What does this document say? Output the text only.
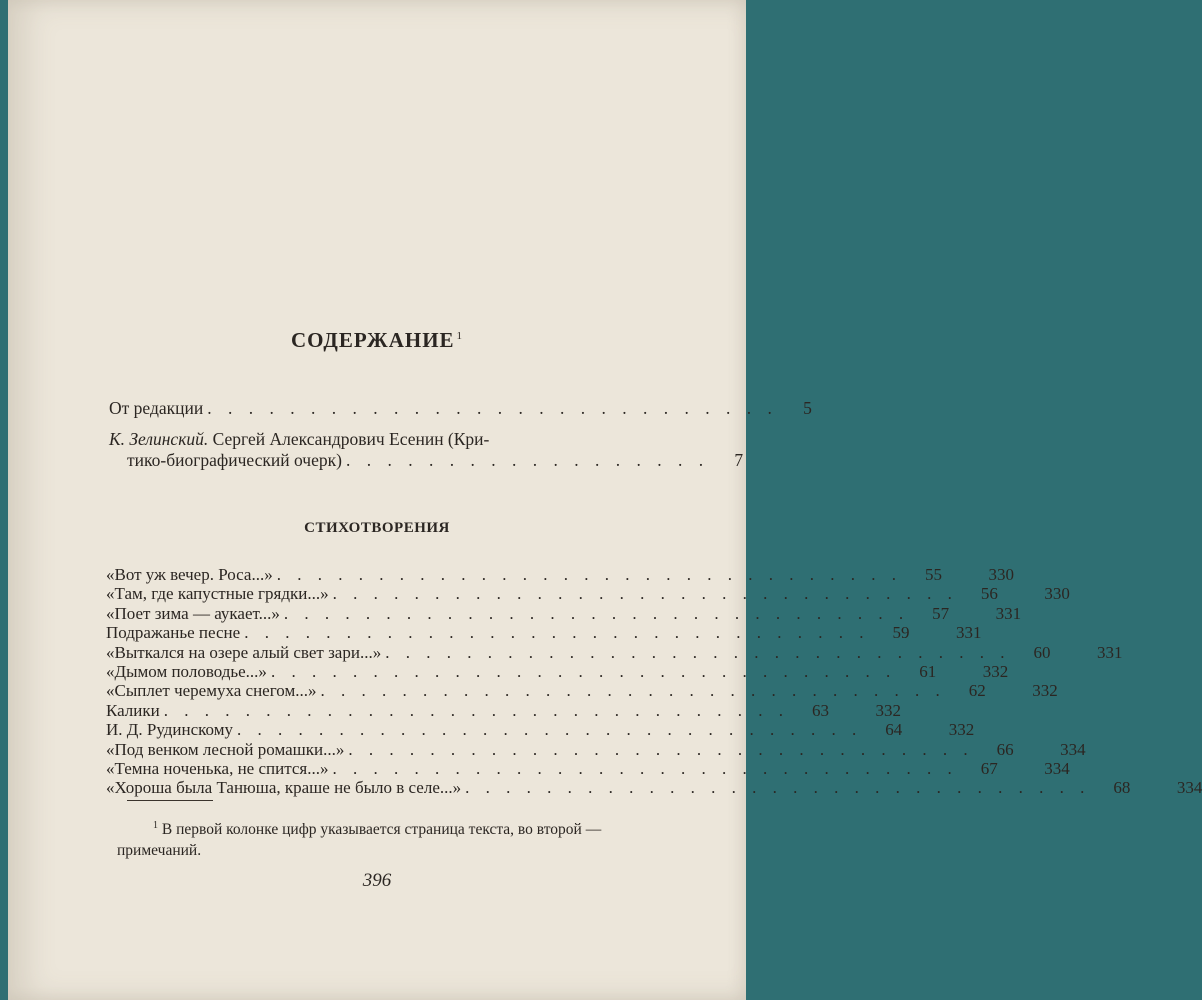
СОДЕРЖАНИЕ $^1$
От редакции . . . . . . . . . . . . . . . . . . . . . . . . . . . .	5
К. Зелинский. Сергей Александрович Есенин (Кри-
тико-биографический очерк) . . . . . . . . . . . . . . . . . .	7
СТИХОТВОРЕНИЯ
«Вот уж вечер. Роса...» . . . . . . . . . . . . . . . . . . . . . . . . . . . . . . .	55	330
«Там, где капустные грядки...» . . . . . . . . . . . . . . . . . . . . . . . . . . . . . . .	56	330
«Поет зима — аукает...» . . . . . . . . . . . . . . . . . . . . . . . . . . . . . . .	57	331
Подражанье песне . . . . . . . . . . . . . . . . . . . . . . . . . . . . . . .	59	331
«Выткался на озере алый свет зари...» . . . . . . . . . . . . . . . . . . . . . . . . . . . . . . .	60	331
«Дымом половодье...» . . . . . . . . . . . . . . . . . . . . . . . . . . . . . . .	61	332
«Сыплет черемуха снегом...» . . . . . . . . . . . . . . . . . . . . . . . . . . . . . . .	62	332
Калики . . . . . . . . . . . . . . . . . . . . . . . . . . . . . . .	63	332
И. Д. Рудинскому . . . . . . . . . . . . . . . . . . . . . . . . . . . . . . .	64	332
«Под венком лесной ромашки...» . . . . . . . . . . . . . . . . . . . . . . . . . . . . . . .	66	334
«Темна ноченька, не спится...» . . . . . . . . . . . . . . . . . . . . . . . . . . . . . . .	67	334
«Хороша была Танюша, краше не было в селе...» . . . . . . . . . . . . . . . . . . . . . . . . . . . . . . .	68	334
$^1$ В первой колонке цифр указывается страница текста, во второй — примечаний.
396
